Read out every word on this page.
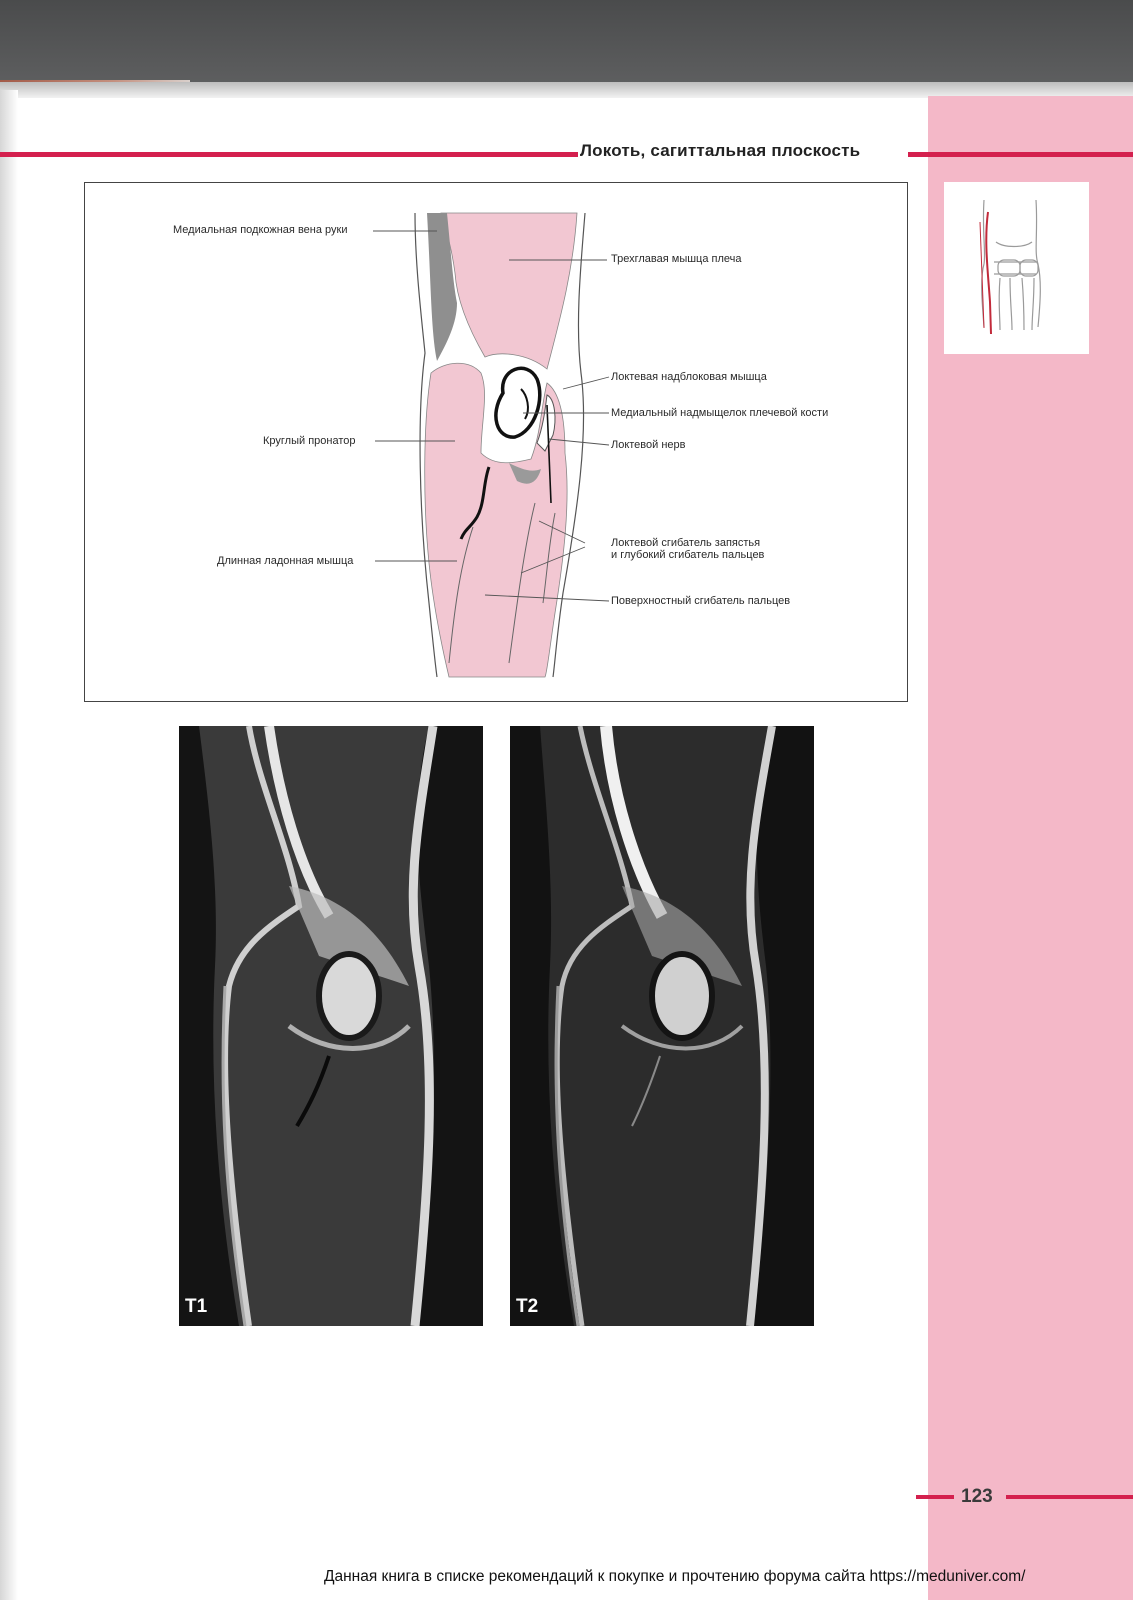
Локоть, сагиттальная плоскость
Медиальная подкожная вена руки
Трехглавая мышца плеча
Локтевая надблоковая мышца
Медиальный надмыщелок плечевой кости
Локтевой нерв
Круглый пронатор
Локтевой сгибатель запястья
и глубокий сгибатель пальцев
Длинная ладонная мышца
Поверхностный сгибатель пальцев
T1	T2
123
Данная книга в списке рекомендаций к покупке и прочтению форума сайта https://meduniver.com/
